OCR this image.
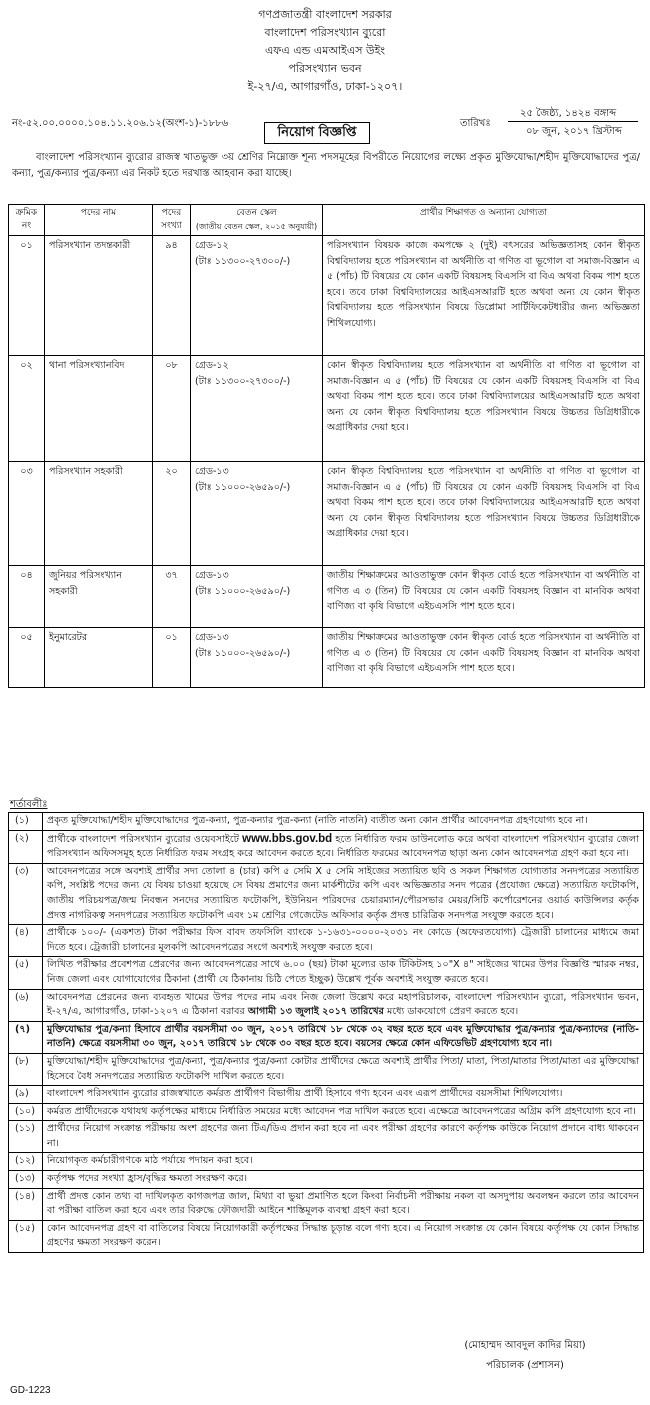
গণপ্রজাতন্ত্রী বাংলাদেশ সরকার
বাংলাদেশ পরিসংখ্যান ব্যুরো
এফএ এন্ড এমআইএস উইং
পরিসংখ্যান ভবন
ই-২৭/এ, আগারগাঁও, ঢাকা-১২০৭।
নং-৫২.০০.০০০০.১০৪.১১.২০৬.১২(অংশ-১)-১৮৮৬	তারিখঃ
২৫ জৈষ্ঠ্য, ১৪২৪ বঙ্গাব্দ
০৮ জুন, ২০১৭ খ্রিস্টাব্দ
নিয়োগ বিজ্ঞপ্তি
বাংলাদেশ পরিসংখ্যান ব্যুরোর রাজস্ব খাতভুক্ত ৩য় শ্রেণির নিম্নোক্ত শূন্য পদসমূহের বিপরীতে নিয়োগের লক্ষ্যে প্রকৃত মুক্তিযোদ্ধা/শহীদ মুক্তিযোদ্ধাদের পুত্র/কন্যা, পুত্র/কন্যার পুত্র/কন্যা এর নিকট হতে দরখাস্ত আহবান করা যাচ্ছে।
ক্রমিক নং	পদের নাম	পদের সংখ্যা	বেতন স্কেল
(জাতীয় বেতন স্কেল, ২০১৫ অনুযায়ী)	প্রার্থীর শিক্ষাগত ও অন্যান্য যোগ্যতা
০১	পরিসংখ্যান তদন্তকারী	৯৪	গ্রেড-১২
(টাঃ ১১৩০০-২৭৩০০/-)	পরিসংখ্যান বিষয়ক কাজে কমপক্ষে ২ (দুই) বৎসরের অভিজ্ঞতাসহ কোন স্বীকৃত বিশ্ববিদ্যালয় হতে পরিসংখ্যান বা অর্থনীতি বা গণিত বা ভূগোল বা সমাজ-বিজ্ঞান এ ৫ (পাঁচ) টি বিষয়ের যে কোন একটি বিষয়সহ বিএসসি বা বিএ অথবা বিকম পাশ হতে হবে। তবে ঢাকা বিশ্ববিদ্যালয়ের আইএসআরটি হতে অথবা অন্য যে কোন স্বীকৃত বিশ্ববিদ্যালয় হতে পরিসংখ্যান বিষয়ে ডিপ্লোমা সার্টিফিকেটধারীর জন্য অভিজ্ঞতা শিথিলযোগ্য।
০২	থানা পরিসংখ্যানবিদ	০৮	গ্রেড-১২
(টাঃ ১১৩০০-২৭৩০০/-)	কোন স্বীকৃত বিশ্ববিদ্যালয় হতে পরিসংখ্যান বা অর্থনীতি বা গণিত বা ভূগোল বা সমাজ-বিজ্ঞান এ ৫ (পাঁচ) টি বিষয়ের যে কোন একটি বিষয়সহ বিএসসি বা বিএ অথবা বিকম পাশ হতে হবে। তবে ঢাকা বিশ্ববিদ্যালয়ের আইএসআরটি হতে অথবা অন্য যে কোন স্বীকৃত বিশ্ববিদ্যালয় হতে পরিসংখ্যান বিষয়ে উচ্চতর ডিগ্রিধারীকে অগ্রাধিকার দেয়া হবে।
০৩	পরিসংখ্যান সহকারী	২০	গ্রেড-১৩
(টাঃ ১১০০০-২৬৫৯০/-)	কোন স্বীকৃত বিশ্ববিদ্যালয় হতে পরিসংখ্যান বা অর্থনীতি বা গণিত বা ভূগোল বা সমাজ-বিজ্ঞান এ ৫ (পাঁচ) টি বিষয়ের যে কোন একটি বিষয়সহ বিএসসি বা বিএ অথবা বিকম পাশ হতে হবে। তবে ঢাকা বিশ্ববিদ্যালয়ের আইএসআরটি হতে অথবা অন্য যে কোন স্বীকৃত বিশ্ববিদ্যালয় হতে পরিসংখ্যান বিষয়ে উচ্চতর ডিগ্রিধারীকে অগ্রাধিকার দেয়া হবে।
০৪	জুনিয়র পরিসংখ্যান সহকারী	৩৭	গ্রেড-১৩
(টাঃ ১১০০০-২৬৫৯০/-)	জাতীয় শিক্ষাক্রমের আওতাভুক্ত কোন স্বীকৃত বোর্ড হতে পরিসংখ্যান বা অর্থনীতি বা গণিত এ ৩ (তিন) টি বিষয়ের যে কোন একটি বিষয়সহ বিজ্ঞান বা মানবিক অথবা বাণিজ্য বা কৃষি বিভাগে এইচএসসি পাশ হতে হবে।
০৫	ইনুমারেটর	০১	গ্রেড-১৩
(টাঃ ১১০০০-২৬৫৯০/-)	জাতীয় শিক্ষাক্রমের আওতাভুক্ত কোন স্বীকৃত বোর্ড হতে পরিসংখ্যান বা অর্থনীতি বা গণিত এ ৩ (তিন) টি বিষয়ের যে কোন একটি বিষয়সহ বিজ্ঞান বা মানবিক অথবা বাণিজ্য বা কৃষি বিভাগে এইচএসসি পাশ হতে হবে।
শর্তাবলীঃ
(১)	প্রকৃত মুক্তিযোদ্ধা/শহীদ মুক্তিযোদ্ধাদের পুত্র-কন্যা, পুত্র-কন্যার পুত্র-কন্যা (নাতি নাতনি) ব্যতীত অন্য কোন প্রার্থীর আবেদনপত্র গ্রহণযোগ্য হবে না।
(২)	প্রার্থীকে বাংলাদেশ পরিসংখ্যান ব্যুরোর ওয়েবসাইটে www.bbs.gov.bd হতে নির্ধারিত ফরম ডাউনলোড করে অথবা বাংলাদেশ পরিসংখ্যান ব্যুরোর জেলা পরিসংখ্যান অফিসসমূহ হতে নির্ধারিত ফরম সংগ্রহ করে আবেদন করতে হবে। নির্ধারিত ফরমের আবেদনপত্র ছাড়া অন্য কোন আবেদনপত্র গ্রহণ করা হবে না।
(৩)	আবেদনপত্রের সঙ্গে অবশ্যই প্রার্থীর সদ্য তোলা ৪ (চার) কপি ৫ সেমি X ৫ সেমি সাইজের সত্যায়িত ছবি ও সকল শিক্ষাগত যোগ্যতার সনদপত্রের সত্যায়িত কপি, সংশ্লিষ্ট পদের জন্য যে বিষয় চাওয়া হয়েছে সে বিষয় প্রমাণের জন্য মার্কশীটের কপি এবং অভিজ্ঞতার সনদ পত্রের (প্রযোজ্য ক্ষেত্রে) সত্যায়িত ফটোকপি, জাতীয় পরিচয়পত্র/জন্ম নিবন্ধন সনদের সত্যায়িত ফটোকপি, ইউনিয়ন পরিষদের চেয়ারম্যান/পৌরসভার মেয়র/সিটি কর্পোরেশনের ওয়ার্ড কাউন্সিলর কর্তৃক প্রদত্ত নাগরিকত্ব সনদপত্রের সত্যায়িত ফটোকপি এবং ১ম শ্রেণির গেজেটেড অফিসার কর্তৃক প্রদত্ত চারিত্রিক সনদপত্র সংযুক্ত করতে হবে।
(৪)	প্রার্থীকে ১০০/- (একশত) টাকা পরীক্ষার ফিস বাবদ তফসিলি ব্যাংকে ১-১৬৩১-০০০০-২০৩১ নং কোডে (অফেরতযোগ্য) ট্রেজারী চালানের মাধ্যমে জমা দিতে হবে। ট্রেজারী চালানের মূলকপি আবেদনপত্রের সংগে অবশ্যই সংযুক্ত করতে হবে।
(৫)	লিখিত পরীক্ষার প্রবেশপত্র প্রেরণের জন্য আবেদনপত্রের সাথে ৬.০০ (ছয়) টাকা মূল্যের ডাক টিকিটসহ ১০"X ৪" সাইজের খামের উপর বিজ্ঞপ্তি স্মারক নম্বর, নিজ জেলা এবং যোগাযোগের ঠিকানা (প্রার্থী যে ঠিকানায় চিঠি পেতে ইচ্ছুক) উল্লেখ পূর্বক অবশ্যই সংযুক্ত করতে হবে।
(৬)	আবেদনপত্র প্রেরনের জন্য ব্যবহৃত খামের উপর পদের নাম এবং নিজ জেলা উল্লেখ করে মহাপরিচালক, বাংলাদেশ পরিসংখ্যান ব্যুরো, পরিসংখ্যান ভবন, ই-২৭/এ, আগারগাঁও, ঢাকা-১২০৭ এ ঠিকানা বরাবর আগামী ১৩ জুলাই ২০১৭ তারিখের মধ্যে ডাকযোগে প্রেরণ করতে হবে।
(৭)	মুক্তিযোদ্ধার পুত্র/কন্যা হিসাবে প্রার্থীর বয়সসীমা ৩০ জুন, ২০১৭ তারিখে ১৮ থেকে ৩২ বছর হতে হবে এবং মুক্তিযোদ্ধার পুত্র/কন্যার পুত্র/কন্যাদের (নাতি-নাতনি) ক্ষেত্রে বয়সসীমা ৩০ জুন, ২০১৭ তারিখে ১৮ থেকে ৩০ বছর হতে হবে। বয়সের ক্ষেত্রে কোন এফিডেভিট গ্রহণযোগ্য হবে না।
(৮)	মুক্তিযোদ্ধা/শহীদ মুক্তিযোদ্ধাদের পুত্র/কন্যা, পুত্র/কন্যার পুত্র/কন্যা কোটার প্রার্থীদের ক্ষেত্রে অবশ্যই প্রার্থীর পিতা/ মাতা, পিতা/মাতার পিতা/মাতা এর মুক্তিযোদ্ধা হিসেবে বৈধ সনদপত্রের সত্যায়িত ফটোকপি দাখিল করতে হবে।
(৯)	বাংলাদেশ পরিসংখ্যান ব্যুরোর রাজস্বখাতে কর্মরত প্রার্থীগণ বিভাগীয় প্রার্থী হিসাবে গণ্য হবেন এবং এরূপ প্রার্থীদের বয়সসীমা শিথিলযোগ্য।
(১০)	কর্মরত প্রার্থীদেরকে যথাযথ কর্তৃপক্ষের মাধ্যমে নির্ধারিত সময়ের মধ্যে আবেদন পত্র দাখিল করতে হবে। এক্ষেত্রে আবেদনপত্রের অগ্রিম কপি গ্রহণযোগ্য হবে না।
(১১)	প্রার্থীদের নিয়োগ সংক্রান্ত পরীক্ষায় অংশ গ্রহণের জন্য টিএ/ডিএ প্রদান করা হবে না এবং পরীক্ষা গ্রহণের কারণে কর্তৃপক্ষ কাউকে নিয়োগ প্রদানে বাধ্য থাকবেন না।
(১২)	নিয়োগকৃত কর্মচারীগণকে মাঠ পর্যায়ে পদায়ন করা হবে।
(১৩)	কর্তৃপক্ষ পদের সংখ্যা হ্রাস/বৃদ্ধির ক্ষমতা সংরক্ষণ করে।
(১৪)	প্রার্থী প্রদত্ত কোন তথ্য বা দাখিলকৃত কাগজপত্র জাল, মিথ্যা বা ভুয়া প্রমাণিত হলে কিংবা নির্বাচনী পরীক্ষায় নকল বা অসদুপায় অবলম্বন করলে তার আবেদন বা পরীক্ষা বাতিল করা হবে এবং তার বিরুদ্ধে ফৌজদারী আইনে শাস্তিমূলক ব্যবস্থা গ্রহণ করা হবে।
(১৫)	কোন আবেদনপত্র গ্রহণ বা বাতিলের বিষয়ে নিয়োগকারী কর্তৃপক্ষের সিদ্ধান্ত চূড়ান্ত বলে গণ্য হবে। এ নিয়োগ সংক্রান্ত যে কোন বিষয়ে কর্তৃপক্ষ যে কোন সিদ্ধান্ত গ্রহণের ক্ষমতা সংরক্ষণ করেন।
(মোহাম্মদ আবদুল কাদির মিয়া)
পরিচালক (প্রশাসন)
GD-1223
